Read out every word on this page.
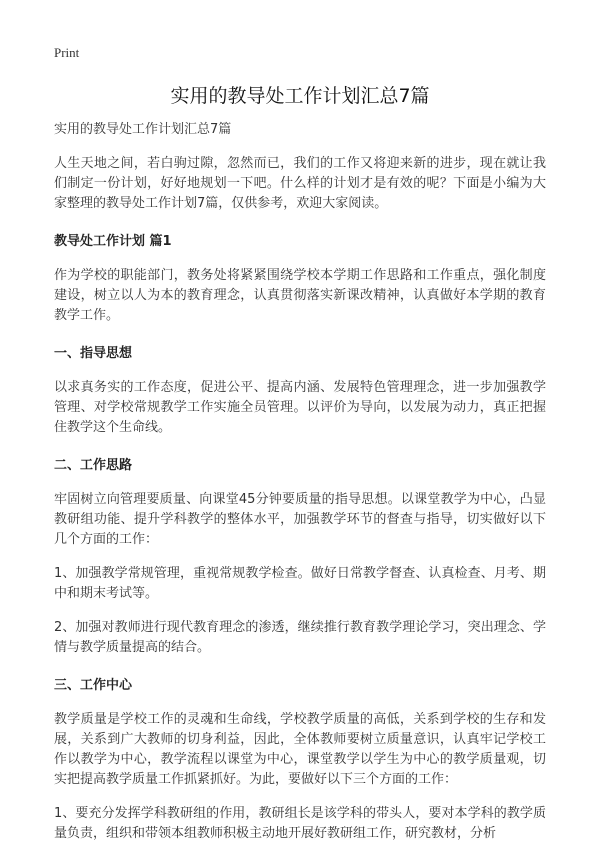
Print
实用的教导处工作计划汇总7篇
实用的教导处工作计划汇总7篇

人生天地之间，若白驹过隙，忽然而已，我们的工作又将迎来新的进步，现在就让我们制定一份计划，好好地规划一下吧。什么样的计划才是有效的呢？下面是小编为大家整理的教导处工作计划7篇，仅供参考，欢迎大家阅读。

教导处工作计划 篇1

作为学校的职能部门，教务处将紧紧围绕学校本学期工作思路和工作重点，强化制度建设，树立以人为本的教育理念，认真贯彻落实新课改精神，认真做好本学期的教育教学工作。

一、指导思想

以求真务实的工作态度，促进公平、提高内涵、发展特色管理理念，进一步加强教学管理、对学校常规教学工作实施全员管理。以评价为导向，以发展为动力，真正把握住教学这个生命线。

二、工作思路

牢固树立向管理要质量、向课堂45分钟要质量的指导思想。以课堂教学为中心，凸显教研组功能、提升学科教学的整体水平，加强教学环节的督查与指导，切实做好以下几个方面的工作：

1、加强教学常规管理，重视常规教学检查。做好日常教学督查、认真检查、月考、期中和期末考试等。

2、加强对教师进行现代教育理念的渗透，继续推行教育教学理论学习，突出理念、学情与教学质量提高的结合。

三、工作中心

教学质量是学校工作的灵魂和生命线，学校教学质量的高低，关系到学校的生存和发展，关系到广大教师的切身利益，因此，全体教师要树立质量意识，认真牢记学校工作以教学为中心，教学流程以课堂为中心，课堂教学以学生为中心的教学质量观，切实把提高教学质量工作抓紧抓好。为此，要做好以下三个方面的工作：

1、要充分发挥学科教研组的作用，教研组长是该学科的带头人，要对本学科的教学质量负责，组织和带领本组教师积极主动地开展好教研组工作，研究教材，分析
